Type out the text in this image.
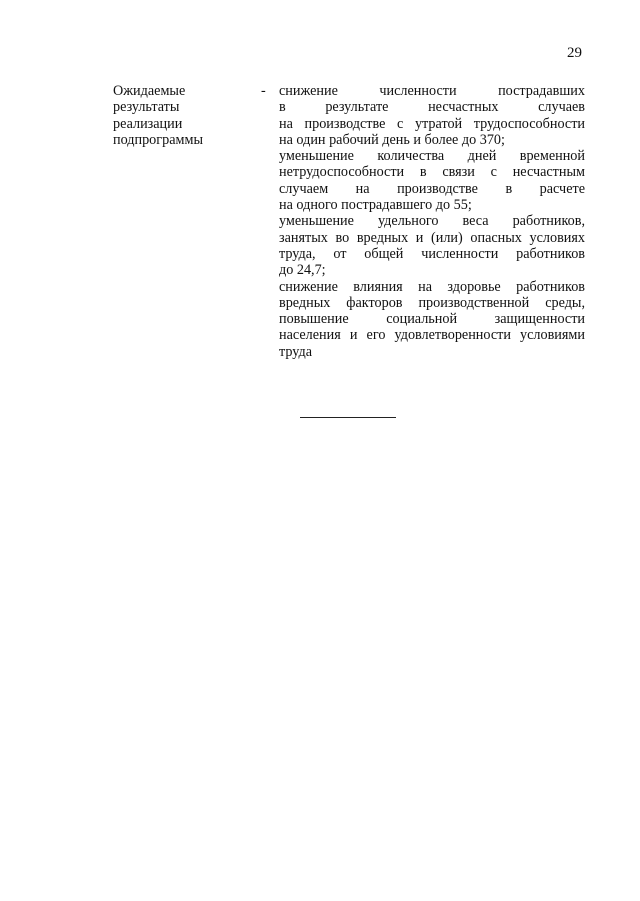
29
Ожидаемые
результаты
реализации
подпрограммы
- снижение численности пострадавших
в результате несчастных случаев
на производстве с утратой трудоспособности
на один рабочий день и более до 370;
уменьшение количества дней временной
нетрудоспособности в связи с несчастным
случаем на производстве в расчете
на одного пострадавшего до 55;
уменьшение удельного веса работников,
занятых во вредных и (или) опасных условиях
труда, от общей численности работников
до 24,7;
снижение влияния на здоровье работников
вредных факторов производственной среды,
повышение социальной защищенности
населения и его удовлетворенности условиями
труда
